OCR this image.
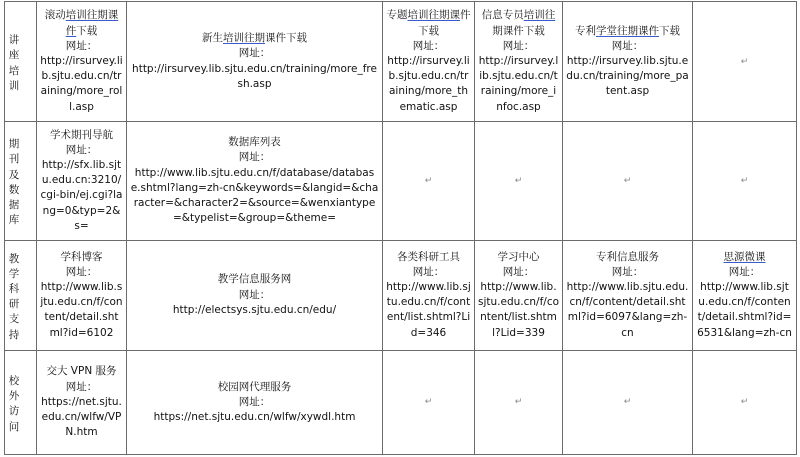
讲座培训	滚动培训往期课件下载
网址：
http://irsurvey.lib.sjtu.edu.cn/training/more_roll.asp	新生培训往期课件下载
网址：
http://irsurvey.lib.sjtu.edu.cn/training/more_fresh.asp	专题培训往期课件下载
网址：
http://irsurvey.lib.sjtu.edu.cn/training/more_thematic.asp	信息专员培训往期课件下载
网址：
http://irsurvey.lib.sjtu.edu.cn/training/more_infoc.asp	专利学堂往期课件下载
网址：
http://irsurvey.lib.sjtu.edu.cn/training/more_patent.asp	↵

期刊及数据库	学术期刊导航
网址：
http://sfx.lib.sjtu.edu.cn:3210/cgi-bin/ej.cgi?lang=0&typ=2&s=	数据库列表
网址：
http://www.lib.sjtu.edu.cn/f/database/database.shtml?lang=zh-cn&keywords=&langid=&character=&character2=&source=&wenxiantype=&typelist=&group=&theme=	↵	↵	↵	↵

教学科研支持	学科博客
网址：
http://www.lib.sjtu.edu.cn/f/content/detail.shtml?id=6102	教学信息服务网
网址：
http://electsys.sjtu.edu.cn/edu/	各类科研工具
网址：
http://www.lib.sjtu.edu.cn/f/content/list.shtml?Lid=346	学习中心
网址：
http://www.lib.sjtu.edu.cn/f/content/list.shtml?Lid=339	专利信息服务
网址：
http://www.lib.sjtu.edu.cn/f/content/detail.shtml?id=6097&lang=zh-cn	思源微课
网址：
http://www.lib.sjtu.edu.cn/f/content/detail.shtml?id=6531&lang=zh-cn

校外访问	交大 VPN 服务
网址：
https://net.sjtu.edu.cn/wlfw/VPN.htm	校园网代理服务
网址：
https://net.sjtu.edu.cn/wlfw/xywdl.htm	↵	↵	↵	↵
